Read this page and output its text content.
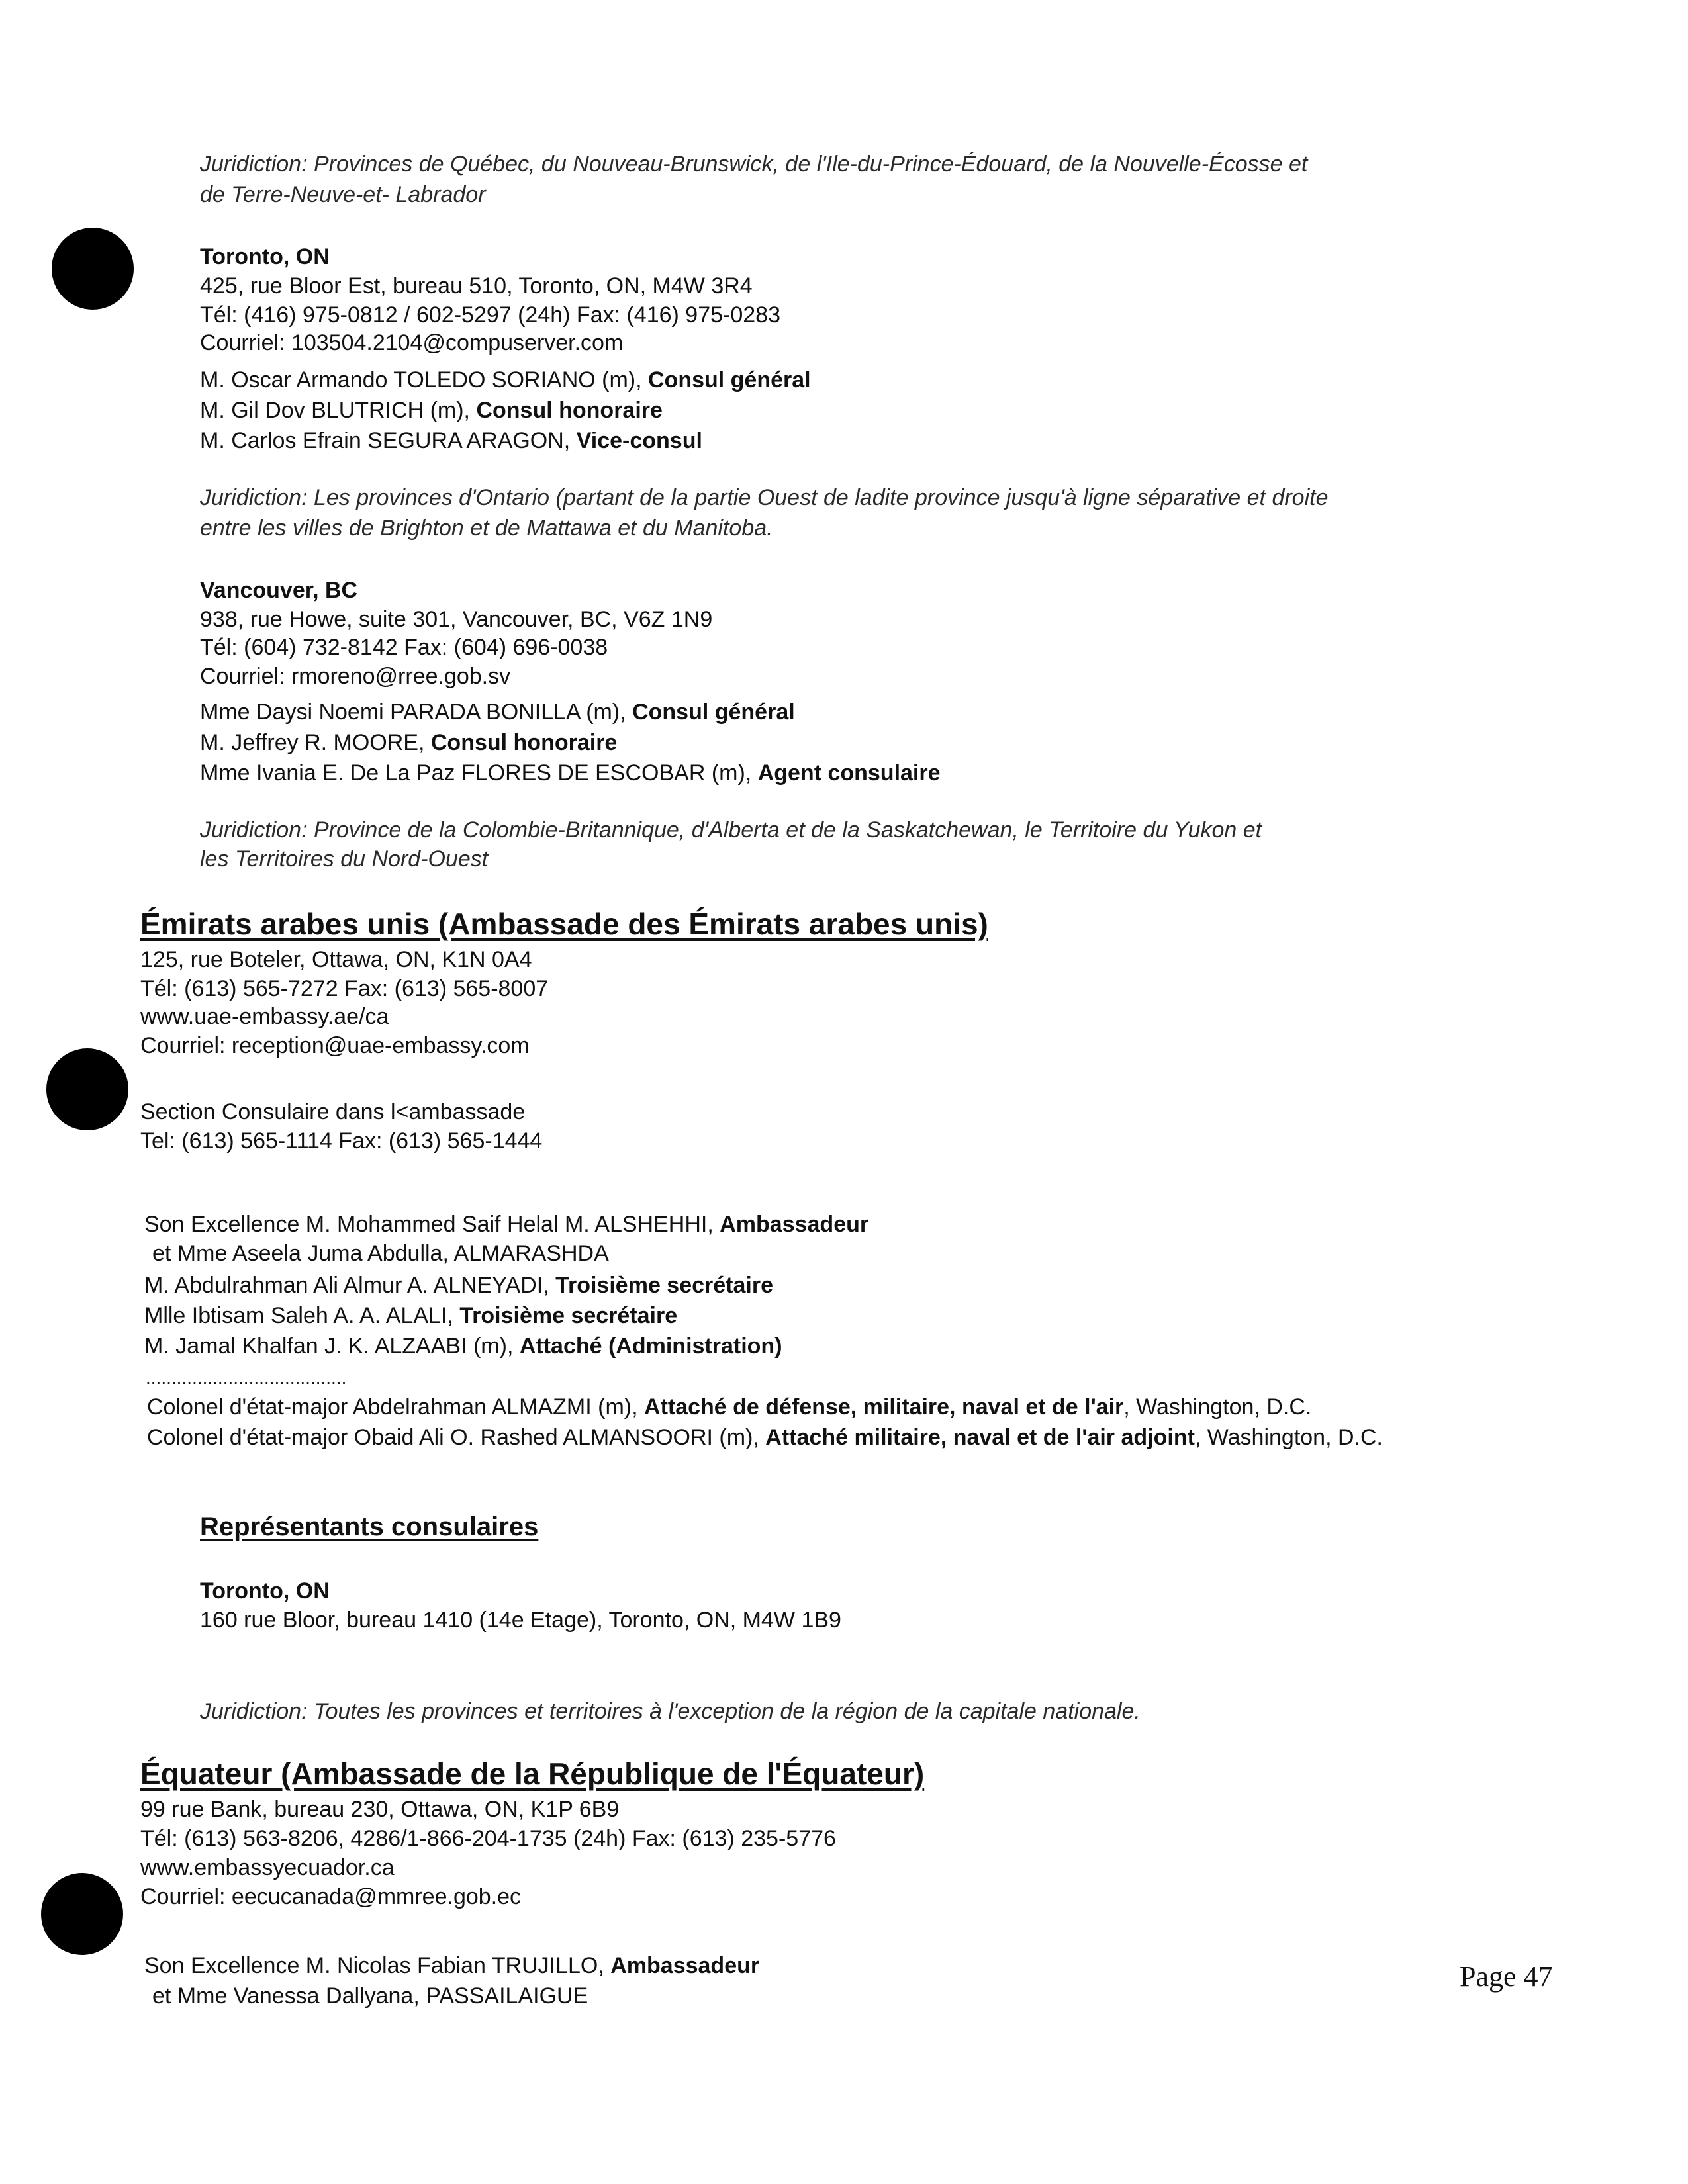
Juridiction: Provinces de Québec, du Nouveau-Brunswick, de l'Ile-du-Prince-Édouard, de la Nouvelle-Écosse et
de Terre-Neuve-et- Labrador
Toronto, ON
425, rue Bloor Est, bureau 510, Toronto, ON, M4W 3R4
Tél: (416) 975-0812 / 602-5297 (24h) Fax: (416) 975-0283
Courriel: 103504.2104@compuserver.com
M. Oscar Armando TOLEDO SORIANO (m), Consul général
M. Gil Dov BLUTRICH (m), Consul honoraire
M. Carlos Efrain SEGURA ARAGON, Vice-consul
Juridiction: Les provinces d'Ontario (partant de la partie Ouest de ladite province jusqu'à ligne séparative et droite
entre les villes de Brighton et de Mattawa et du Manitoba.
Vancouver, BC
938, rue Howe, suite 301, Vancouver, BC, V6Z 1N9
Tél: (604) 732-8142 Fax: (604) 696-0038
Courriel: rmoreno@rree.gob.sv
Mme Daysi Noemi PARADA BONILLA (m), Consul général
M. Jeffrey R. MOORE, Consul honoraire
Mme Ivania E. De La Paz FLORES DE ESCOBAR (m), Agent consulaire
Juridiction: Province de la Colombie-Britannique, d'Alberta et de la Saskatchewan, le Territoire du Yukon et
les Territoires du Nord-Ouest
Émirats arabes unis (Ambassade des Émirats arabes unis)
125, rue Boteler, Ottawa, ON, K1N 0A4
Tél: (613) 565-7272 Fax: (613) 565-8007
www.uae-embassy.ae/ca
Courriel: reception@uae-embassy.com
Section Consulaire dans l<ambassade
Tel: (613) 565-1114 Fax: (613) 565-1444
Son Excellence M. Mohammed Saif Helal M. ALSHEHHI, Ambassadeur
et Mme Aseela Juma Abdulla, ALMARASHDA
M. Abdulrahman Ali Almur A. ALNEYADI, Troisième secrétaire
Mlle Ibtisam Saleh A. A. ALALI, Troisième secrétaire
M. Jamal Khalfan J. K. ALZAABI (m), Attaché (Administration)
.......................................
Colonel d'état-major Abdelrahman ALMAZMI (m), Attaché de défense, militaire, naval et de l'air, Washington, D.C.
Colonel d'état-major Obaid Ali O. Rashed ALMANSOORI (m), Attaché militaire, naval et de l'air adjoint, Washington, D.C.
Représentants consulaires
Toronto, ON
160 rue Bloor, bureau 1410 (14e Etage), Toronto, ON, M4W 1B9
Juridiction: Toutes les provinces et territoires à l'exception de la région de la capitale nationale.
Équateur (Ambassade de la République de l'Équateur)
99 rue Bank, bureau 230, Ottawa, ON, K1P 6B9
Tél: (613) 563-8206, 4286/1-866-204-1735 (24h) Fax: (613) 235-5776
www.embassyecuador.ca
Courriel: eecucanada@mmree.gob.ec
Son Excellence M. Nicolas Fabian TRUJILLO, Ambassadeur
et Mme Vanessa Dallyana, PASSAILAIGUE
Page 47
